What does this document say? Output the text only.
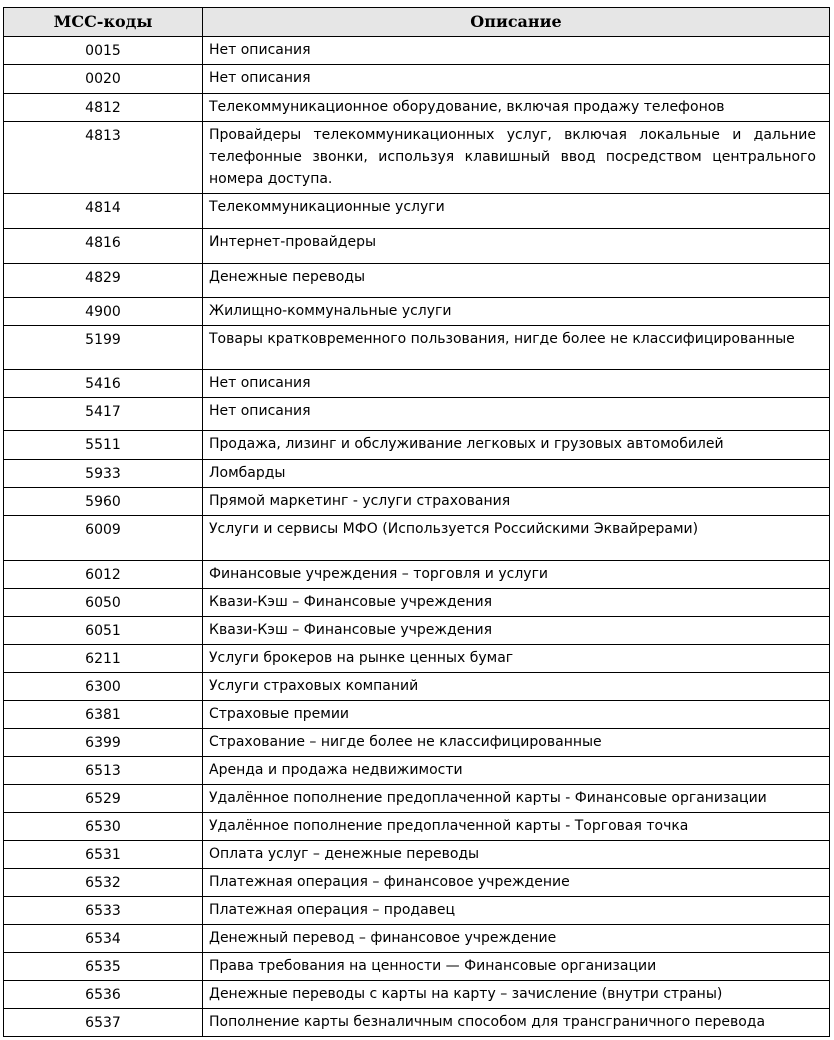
МСС-коды	Описание
0015	Нет описания
0020	Нет описания
4812	Телекоммуникационное оборудование, включая продажу телефонов
4813	Провайдеры телекоммуникационных услуг, включая локальные и дальние телефонные звонки, используя клавишный ввод посредством центрального номера доступа.
4814	Телекоммуникационные услуги
4816	Интернет-провайдеры
4829	Денежные переводы
4900	Жилищно-коммунальные услуги
5199	Товары кратковременного пользования, нигде более не классифицированные
5416	Нет описания
5417	Нет описания
5511	Продажа, лизинг и обслуживание легковых и грузовых автомобилей
5933	Ломбарды
5960	Прямой маркетинг - услуги страхования
6009	Услуги и сервисы МФО (Используется Российскими Эквайрерами)
6012	Финансовые учреждения – торговля и услуги
6050	Квази-Кэш – Финансовые учреждения
6051	Квази-Кэш – Финансовые учреждения
6211	Услуги брокеров на рынке ценных бумаг
6300	Услуги страховых компаний
6381	Страховые премии
6399	Страхование – нигде более не классифицированные
6513	Аренда и продажа недвижимости
6529	Удалённое пополнение предоплаченной карты - Финансовые организации
6530	Удалённое пополнение предоплаченной карты - Торговая точка
6531	Оплата услуг – денежные переводы
6532	Платежная операция – финансовое учреждение
6533	Платежная операция – продавец
6534	Денежный перевод – финансовое учреждение
6535	Права требования на ценности — Финансовые организации
6536	Денежные переводы с карты на карту – зачисление (внутри страны)
6537	Пополнение карты безналичным способом для трансграничного перевода
